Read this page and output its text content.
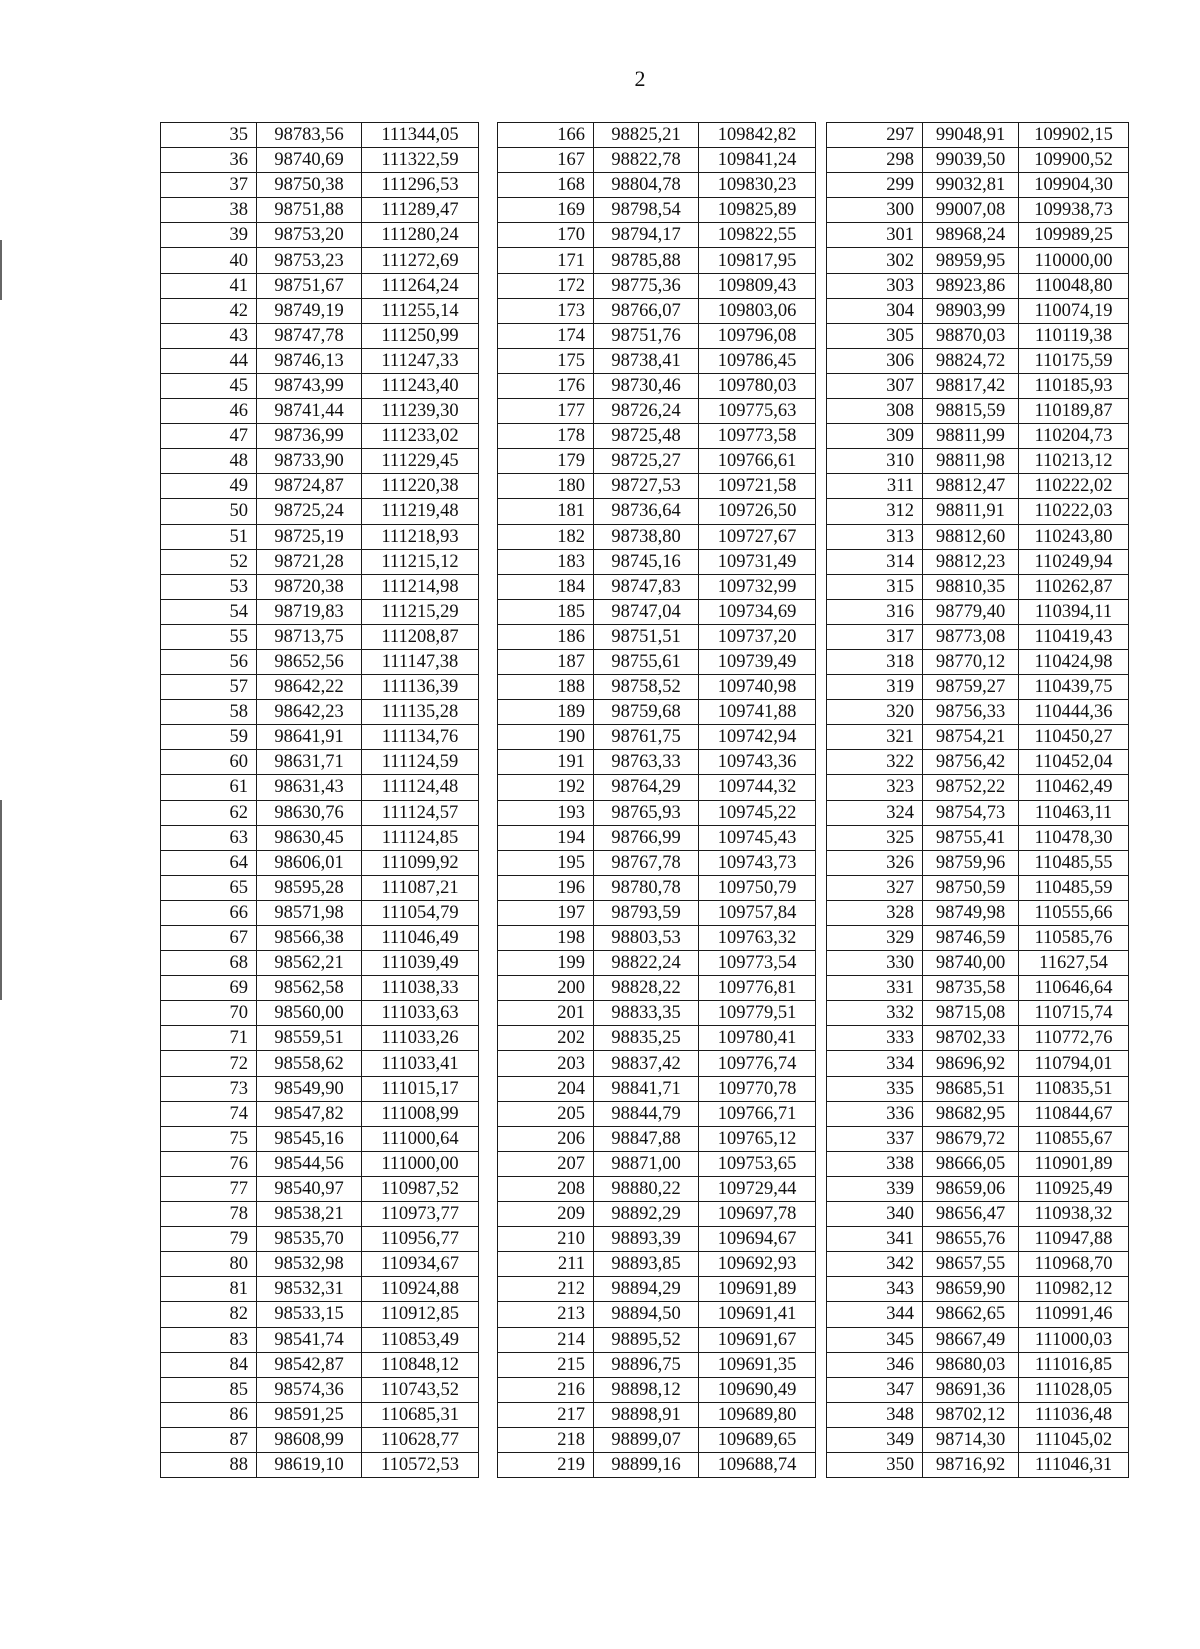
2
35	98783,56	111344,05
36	98740,69	111322,59
37	98750,38	111296,53
38	98751,88	111289,47
39	98753,20	111280,24
40	98753,23	111272,69
41	98751,67	111264,24
42	98749,19	111255,14
43	98747,78	111250,99
44	98746,13	111247,33
45	98743,99	111243,40
46	98741,44	111239,30
47	98736,99	111233,02
48	98733,90	111229,45
49	98724,87	111220,38
50	98725,24	111219,48
51	98725,19	111218,93
52	98721,28	111215,12
53	98720,38	111214,98
54	98719,83	111215,29
55	98713,75	111208,87
56	98652,56	111147,38
57	98642,22	111136,39
58	98642,23	111135,28
59	98641,91	111134,76
60	98631,71	111124,59
61	98631,43	111124,48
62	98630,76	111124,57
63	98630,45	111124,85
64	98606,01	111099,92
65	98595,28	111087,21
66	98571,98	111054,79
67	98566,38	111046,49
68	98562,21	111039,49
69	98562,58	111038,33
70	98560,00	111033,63
71	98559,51	111033,26
72	98558,62	111033,41
73	98549,90	111015,17
74	98547,82	111008,99
75	98545,16	111000,64
76	98544,56	111000,00
77	98540,97	110987,52
78	98538,21	110973,77
79	98535,70	110956,77
80	98532,98	110934,67
81	98532,31	110924,88
82	98533,15	110912,85
83	98541,74	110853,49
84	98542,87	110848,12
85	98574,36	110743,52
86	98591,25	110685,31
87	98608,99	110628,77
88	98619,10	110572,53
166	98825,21	109842,82
167	98822,78	109841,24
168	98804,78	109830,23
169	98798,54	109825,89
170	98794,17	109822,55
171	98785,88	109817,95
172	98775,36	109809,43
173	98766,07	109803,06
174	98751,76	109796,08
175	98738,41	109786,45
176	98730,46	109780,03
177	98726,24	109775,63
178	98725,48	109773,58
179	98725,27	109766,61
180	98727,53	109721,58
181	98736,64	109726,50
182	98738,80	109727,67
183	98745,16	109731,49
184	98747,83	109732,99
185	98747,04	109734,69
186	98751,51	109737,20
187	98755,61	109739,49
188	98758,52	109740,98
189	98759,68	109741,88
190	98761,75	109742,94
191	98763,33	109743,36
192	98764,29	109744,32
193	98765,93	109745,22
194	98766,99	109745,43
195	98767,78	109743,73
196	98780,78	109750,79
197	98793,59	109757,84
198	98803,53	109763,32
199	98822,24	109773,54
200	98828,22	109776,81
201	98833,35	109779,51
202	98835,25	109780,41
203	98837,42	109776,74
204	98841,71	109770,78
205	98844,79	109766,71
206	98847,88	109765,12
207	98871,00	109753,65
208	98880,22	109729,44
209	98892,29	109697,78
210	98893,39	109694,67
211	98893,85	109692,93
212	98894,29	109691,89
213	98894,50	109691,41
214	98895,52	109691,67
215	98896,75	109691,35
216	98898,12	109690,49
217	98898,91	109689,80
218	98899,07	109689,65
219	98899,16	109688,74
297	99048,91	109902,15
298	99039,50	109900,52
299	99032,81	109904,30
300	99007,08	109938,73
301	98968,24	109989,25
302	98959,95	110000,00
303	98923,86	110048,80
304	98903,99	110074,19
305	98870,03	110119,38
306	98824,72	110175,59
307	98817,42	110185,93
308	98815,59	110189,87
309	98811,99	110204,73
310	98811,98	110213,12
311	98812,47	110222,02
312	98811,91	110222,03
313	98812,60	110243,80
314	98812,23	110249,94
315	98810,35	110262,87
316	98779,40	110394,11
317	98773,08	110419,43
318	98770,12	110424,98
319	98759,27	110439,75
320	98756,33	110444,36
321	98754,21	110450,27
322	98756,42	110452,04
323	98752,22	110462,49
324	98754,73	110463,11
325	98755,41	110478,30
326	98759,96	110485,55
327	98750,59	110485,59
328	98749,98	110555,66
329	98746,59	110585,76
330	98740,00	11627,54
331	98735,58	110646,64
332	98715,08	110715,74
333	98702,33	110772,76
334	98696,92	110794,01
335	98685,51	110835,51
336	98682,95	110844,67
337	98679,72	110855,67
338	98666,05	110901,89
339	98659,06	110925,49
340	98656,47	110938,32
341	98655,76	110947,88
342	98657,55	110968,70
343	98659,90	110982,12
344	98662,65	110991,46
345	98667,49	111000,03
346	98680,03	111016,85
347	98691,36	111028,05
348	98702,12	111036,48
349	98714,30	111045,02
350	98716,92	111046,31
